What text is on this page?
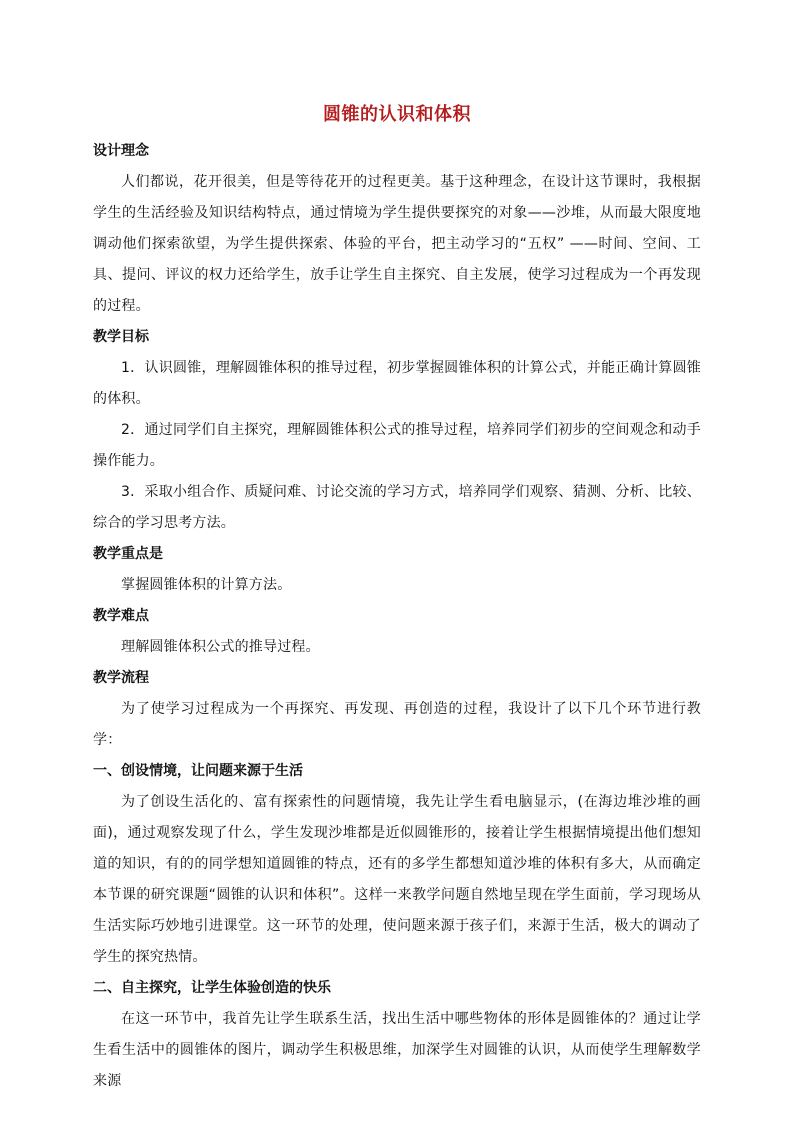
圆锥的认识和体积

设计理念

人们都说，花开很美，但是等待花开的过程更美。基于这种理念，在设计这节课时，我根据学生的生活经验及知识结构特点，通过情境为学生提供要探究的对象——沙堆，从而最大限度地调动他们探索欲望，为学生提供探索、体验的平台，把主动学习的“五权” ——时间、空间、工具、提问、评议的权力还给学生，放手让学生自主探究、自主发展，使学习过程成为一个再发现的过程。

教学目标

1．认识圆锥，理解圆锥体积的推导过程，初步掌握圆锥体积的计算公式，并能正确计算圆锥的体积。

2．通过同学们自主探究，理解圆锥体积公式的推导过程，培养同学们初步的空间观念和动手操作能力。

3．采取小组合作、质疑问难、讨论交流的学习方式，培养同学们观察、猜测、分析、比较、综合的学习思考方法。

教学重点是

掌握圆锥体积的计算方法。

教学难点

理解圆锥体积公式的推导过程。

教学流程

为了使学习过程成为一个再探究、再发现、再创造的过程，我设计了以下几个环节进行教学：

一、创设情境，让问题来源于生活

为了创设生活化的、富有探索性的问题情境，我先让学生看电脑显示，(在海边堆沙堆的画面)，通过观察发现了什么，学生发现沙堆都是近似圆锥形的，接着让学生根据情境提出他们想知道的知识，有的的同学想知道圆锥的特点，还有的多学生都想知道沙堆的体积有多大，从而确定本节课的研究课题“圆锥的认识和体积”。这样一来教学问题自然地呈现在学生面前，学习现场从生活实际巧妙地引进课堂。这一环节的处理，使问题来源于孩子们，来源于生活，极大的调动了学生的探究热情。

二、自主探究，让学生体验创造的快乐

在这一环节中，我首先让学生联系生活，找出生活中哪些物体的形体是圆锥体的？通过让学生看生活中的圆锥体的图片，调动学生积极思维，加深学生对圆锥的认识，从而使学生理解数学来源
